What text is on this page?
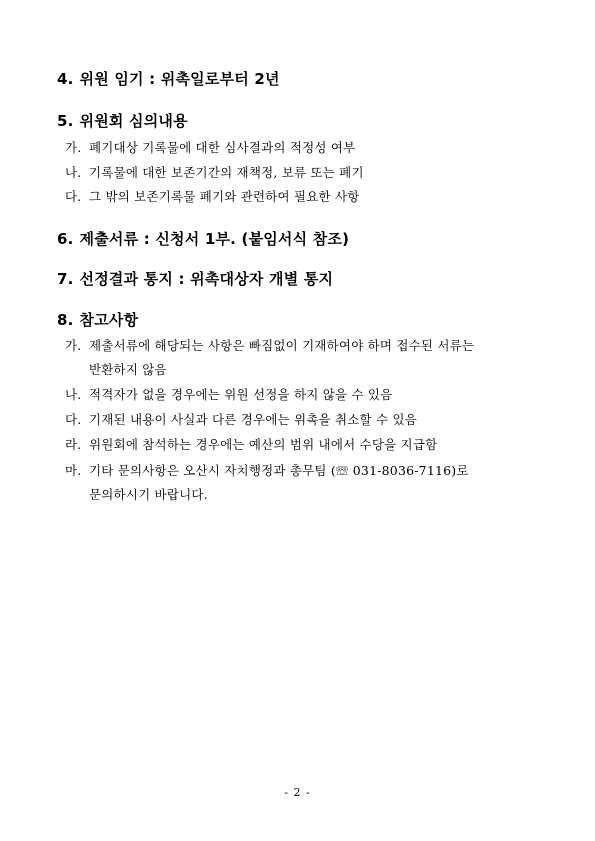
4. 위원 임기 : 위촉일로부터 2년
5. 위원회 심의내용
가. 폐기대상 기록물에 대한 심사결과의 적정성 여부
나. 기록물에 대한 보존기간의 재책정, 보류 또는 폐기
다. 그 밖의 보존기록물 폐기와 관련하여 필요한 사항
6. 제출서류 : 신청서 1부. (붙임서식 참조)
7. 선정결과 통지 : 위촉대상자 개별 통지
8. 참고사항
가. 제출서류에 해당되는 사항은 빠짐없이 기재하여야 하며 접수된 서류는
반환하지 않음
나. 적격자가 없을 경우에는 위원 선정을 하지 않을 수 있음
다. 기재된 내용이 사실과 다른 경우에는 위촉을 취소할 수 있음
라. 위원회에 참석하는 경우에는 예산의 범위 내에서 수당을 지급함
마. 기타 문의사항은 오산시 자치행정과 총무팀 (☏ 031-8036-7116)로
문의하시기 바랍니다.
- 2 -
